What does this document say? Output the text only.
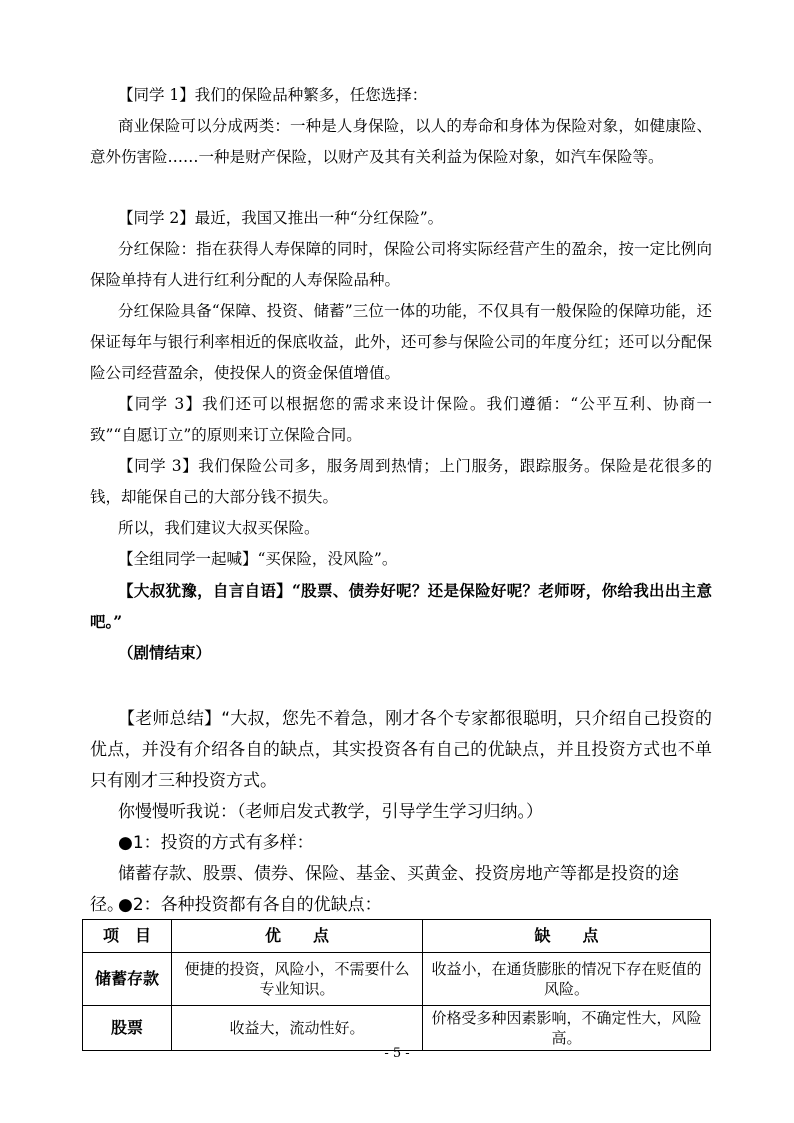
【同学 1】我们的保险品种繁多，任您选择：

商业保险可以分成两类：一种是人身保险，以人的寿命和身体为保险对象，如健康险、意外伤害险……一种是财产保险，以财产及其有关利益为保险对象，如汽车保险等。

【同学 2】最近，我国又推出一种“分红保险”。

分红保险：指在获得人寿保障的同时，保险公司将实际经营产生的盈余，按一定比例向保险单持有人进行红利分配的人寿保险品种。

分红保险具备“保障、投资、储蓄”三位一体的功能，不仅具有一般保险的保障功能，还保证每年与银行利率相近的保底收益，此外，还可参与保险公司的年度分红；还可以分配保险公司经营盈余，使投保人的资金保值增值。

【同学 3】我们还可以根据您的需求来设计保险。我们遵循：“公平互利、协商一致”“自愿订立”的原则来订立保险合同。

【同学 3】我们保险公司多，服务周到热情；上门服务，跟踪服务。保险是花很多的钱，却能保自己的大部分钱不损失。

所以，我们建议大叔买保险。

【全组同学一起喊】“买保险，没风险”。

【大叔犹豫，自言自语】“股票、债券好呢？还是保险好呢？老师呀，你给我出出主意吧。”

（剧情结束）

【老师总结】“大叔，您先不着急，刚才各个专家都很聪明，只介绍自己投资的优点，并没有介绍各自的缺点，其实投资各有自己的优缺点，并且投资方式也不单只有刚才三种投资方式。

你慢慢听我说：（老师启发式教学，引导学生学习归纳。）

●1：投资的方式有多样：

储蓄存款、股票、债券、保险、基金、买黄金、投资房地产等都是投资的途径。

●2：各种投资都有各自的优缺点：

项　目	优　　点	缺　　点
储蓄存款	便捷的投资，风险小，不需要什么专业知识。	收益小，在通货膨胀的情况下存在贬值的风险。
股票	收益大，流动性好。	价格受多种因素影响，不确定性大，风险高。
- 5 -
